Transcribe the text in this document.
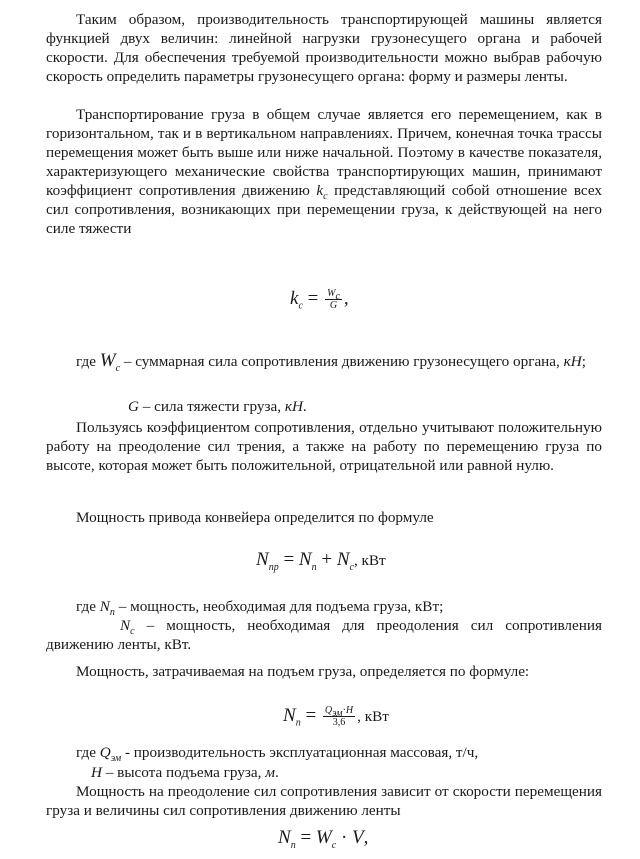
Таким образом, производительность транспортирующей машины является функцией двух величин: линейной нагрузки грузонесущего органа и рабочей скорости. Для обеспечения требуемой производительности можно выбрав рабочую скорость определить параметры грузонесущего органа: форму и размеры ленты.

Транспортирование груза в общем случае является его перемещением, как в горизонтальном, так и в вертикальном направлениях. Причем, конечная точка трассы перемещения может быть выше или ниже начальной. Поэтому в качестве показателя, характеризующего механические свойства транспортирующих машин, принимают коэффициент сопротивления движению $k_c$ представляющий собой отношение всех сил сопротивления, возникающих при перемещении груза, к действующей на него силе тяжести

$k_c = \frac{W_c}{G}$ ,

где $W_c$ – суммарная сила сопротивления движению грузонесущего органа, кН;

G – сила тяжести груза, кН.

Пользуясь коэффициентом сопротивления, отдельно учитывают положительную работу на преодоление сил трения, а также на работу по перемещению груза по высоте, которая может быть положительной, отрицательной или равной нулю.

Мощность привода конвейера определится по формуле

$N_{пр} = N_п + N_c$, кВт

где $N_п$ – мощность, необходимая для подъема груза, кВт;

$N_c$ – мощность, необходимая для преодоления сил сопротивления движению ленты, кВт.

Мощность, затрачиваемая на подъем груза, определяется по формуле:

$N_п = \frac{Q_{эм}\cdot H}{3,6}$ , кВт

где $Q_{эм}$ - производительность эксплуатационная массовая, т/ч,

H – высота подъема груза, м.

Мощность на преодоление сил сопротивления зависит от скорости перемещения груза и величины сил сопротивления движению ленты

$N_п = W_c \cdot V$,
